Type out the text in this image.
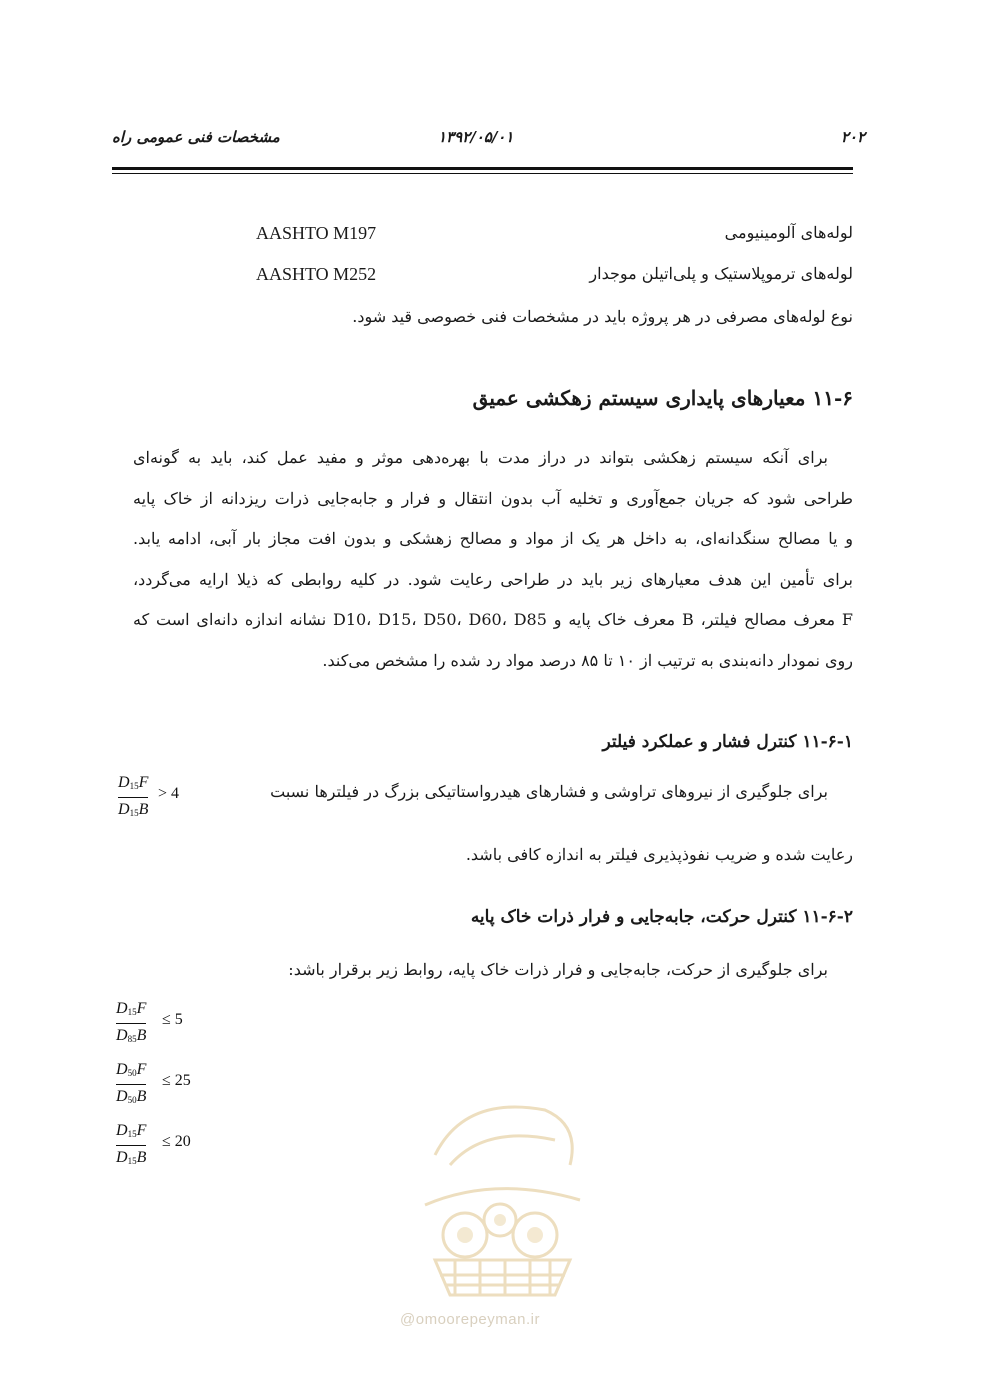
۲۰۲
۱۳۹۲/۰۵/۰۱
مشخصات فنی عمومی راه
لوله‌های آلومینیومی
AASHTO M197
لوله‌های ترموپلاستیک و پلی‌اتیلن موجدار
AASHTO M252
نوع لوله‌های مصرفی در هر پروژه باید در مشخصات فنی خصوصی قید شود.
۱۱-۶ معیارهای پایداری سیستم زهکشی عمیق
برای آنکه سیستم زهکشی بتواند در دراز مدت با بهره‌دهی موثر و مفید عمل کند، باید به گونه‌ای
طراحی شود که جریان جمع‌آوری و تخلیه آب بدون انتقال و فرار و جابه‌جایی ذرات ریزدانه از خاک پایه
و یا مصالح سنگدانه‌ای، به داخل هر یک از مواد و مصالح زهشکی و بدون افت مجاز بار آبی، ادامه یابد.
برای تأمین این هدف معیارهای زیر باید در طراحی رعایت شود. در کلیه روابطی که ذیلا ارایه می‌گردد،
F معرف مصالح فیلتر، B معرف خاک پایه و D10، D15، D50، D60، D85 نشانه اندازه دانه‌ای است که
روی نمودار دانه‌بندی به ترتیب از ۱۰ تا ۸۵ درصد مواد رد شده را مشخص می‌کند.
۱۱-۶-۱ کنترل فشار و عملکرد فیلتر
برای جلوگیری از نیروهای تراوشی و فشارهای هیدرواستاتیکی بزرگ در فیلترها نسبت
$D_{15}F$
$D_{15}B$
> 4
رعایت شده و ضریب نفوذپذیری فیلتر به اندازه کافی باشد.
۱۱-۶-۲ کنترل حرکت، جابه‌جایی و فرار ذرات خاک پایه
برای جلوگیری از حرکت، جابه‌جایی و فرار ذرات خاک پایه، روابط زیر برقرار باشد:
$D_{15}F$
$D_{85}B$
≤ 5
$D_{50}F$
$D_{50}B$
≤ 25
$D_{15}F$
$D_{15}B$
≤ 20
@omoorepeyman.ir
